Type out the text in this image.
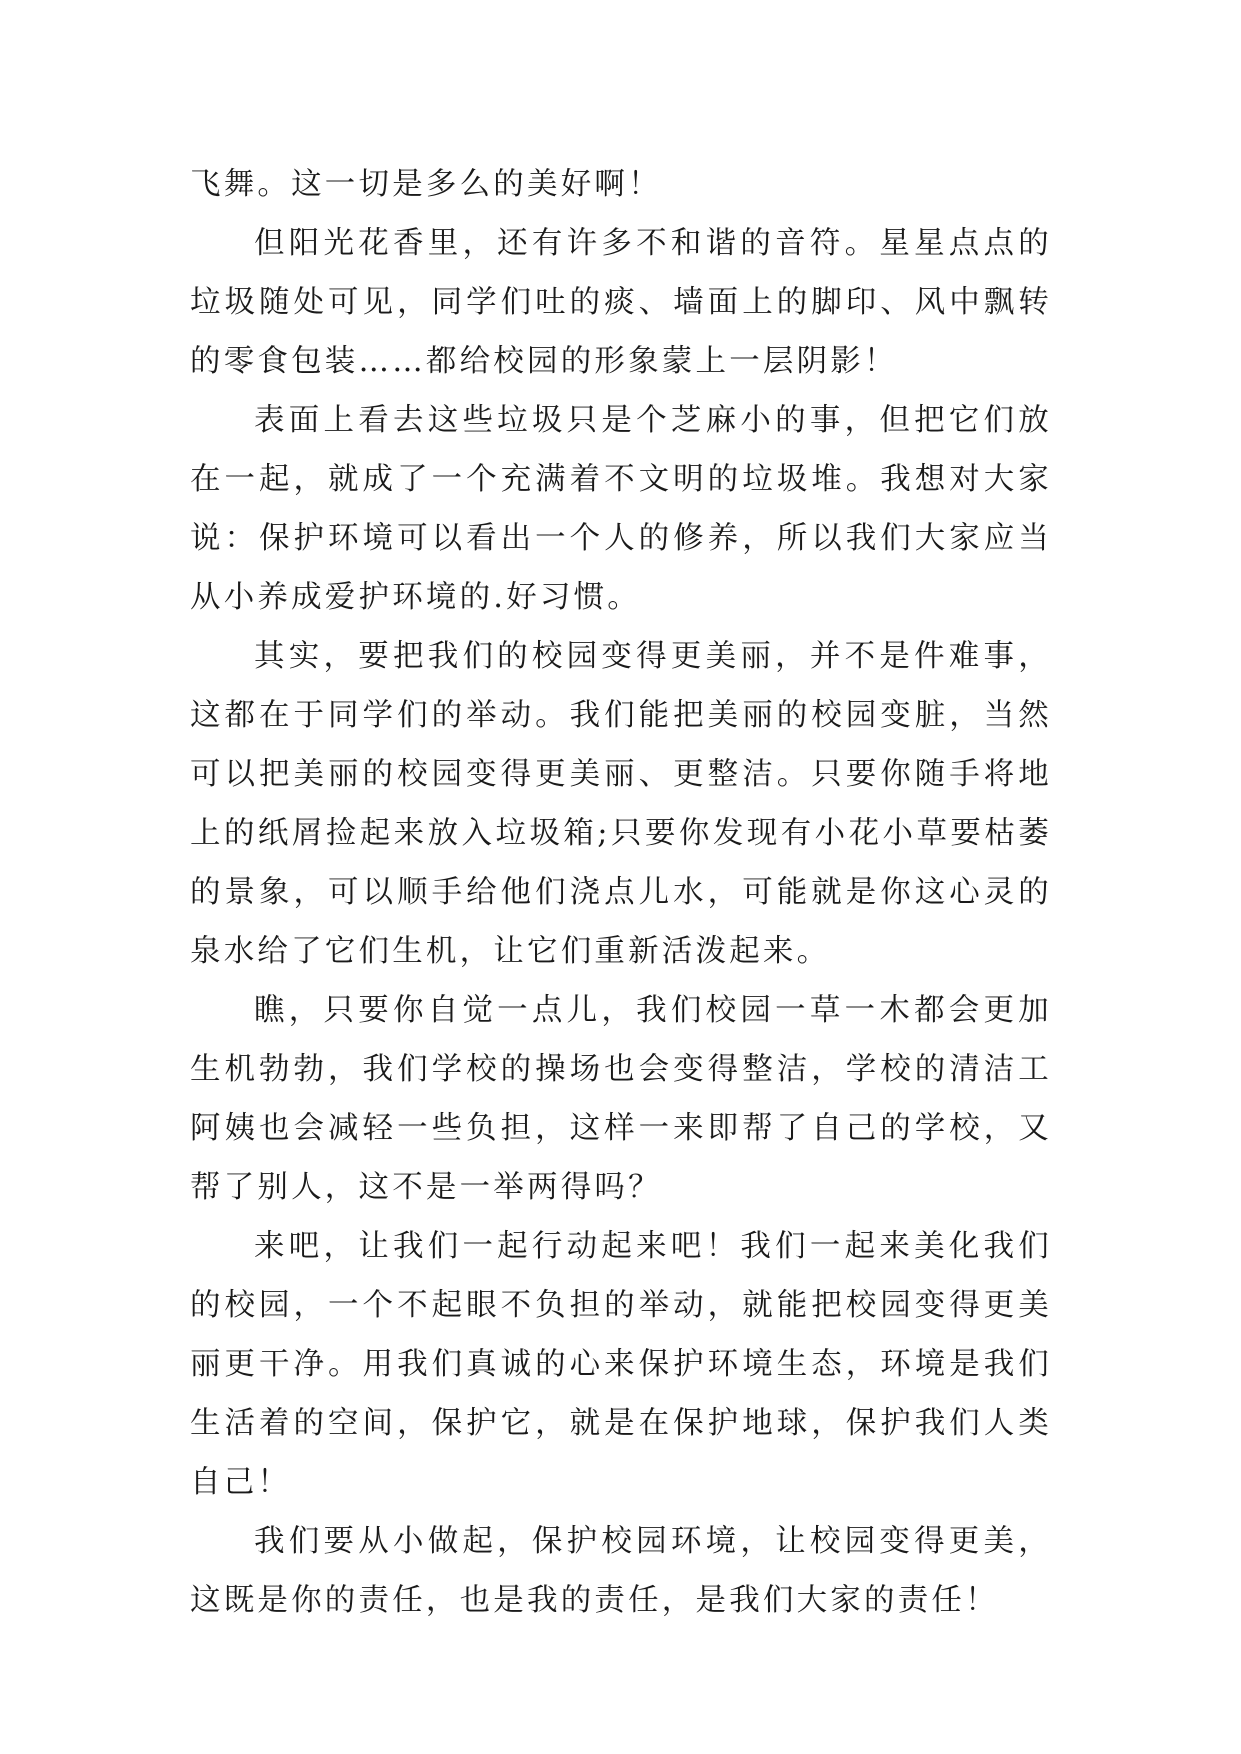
飞舞。这一切是多么的美好啊！

但阳光花香里，还有许多不和谐的音符。星星点点的垃圾随处可见，同学们吐的痰、墙面上的脚印、风中飘转的零食包装……都给校园的形象蒙上一层阴影！

表面上看去这些垃圾只是个芝麻小的事，但把它们放在一起，就成了一个充满着不文明的垃圾堆。我想对大家说：保护环境可以看出一个人的修养，所以我们大家应当从小养成爱护环境的.好习惯。

其实，要把我们的校园变得更美丽，并不是件难事，这都在于同学们的举动。我们能把美丽的校园变脏，当然可以把美丽的校园变得更美丽、更整洁。只要你随手将地上的纸屑捡起来放入垃圾箱;只要你发现有小花小草要枯萎的景象，可以顺手给他们浇点儿水，可能就是你这心灵的泉水给了它们生机，让它们重新活泼起来。

瞧，只要你自觉一点儿，我们校园一草一木都会更加生机勃勃，我们学校的操场也会变得整洁，学校的清洁工阿姨也会减轻一些负担，这样一来即帮了自己的学校，又帮了别人，这不是一举两得吗？

来吧，让我们一起行动起来吧！我们一起来美化我们的校园，一个不起眼不负担的举动，就能把校园变得更美丽更干净。用我们真诚的心来保护环境生态，环境是我们生活着的空间，保护它，就是在保护地球，保护我们人类自己！

我们要从小做起，保护校园环境，让校园变得更美，这既是你的责任，也是我的责任，是我们大家的责任！
